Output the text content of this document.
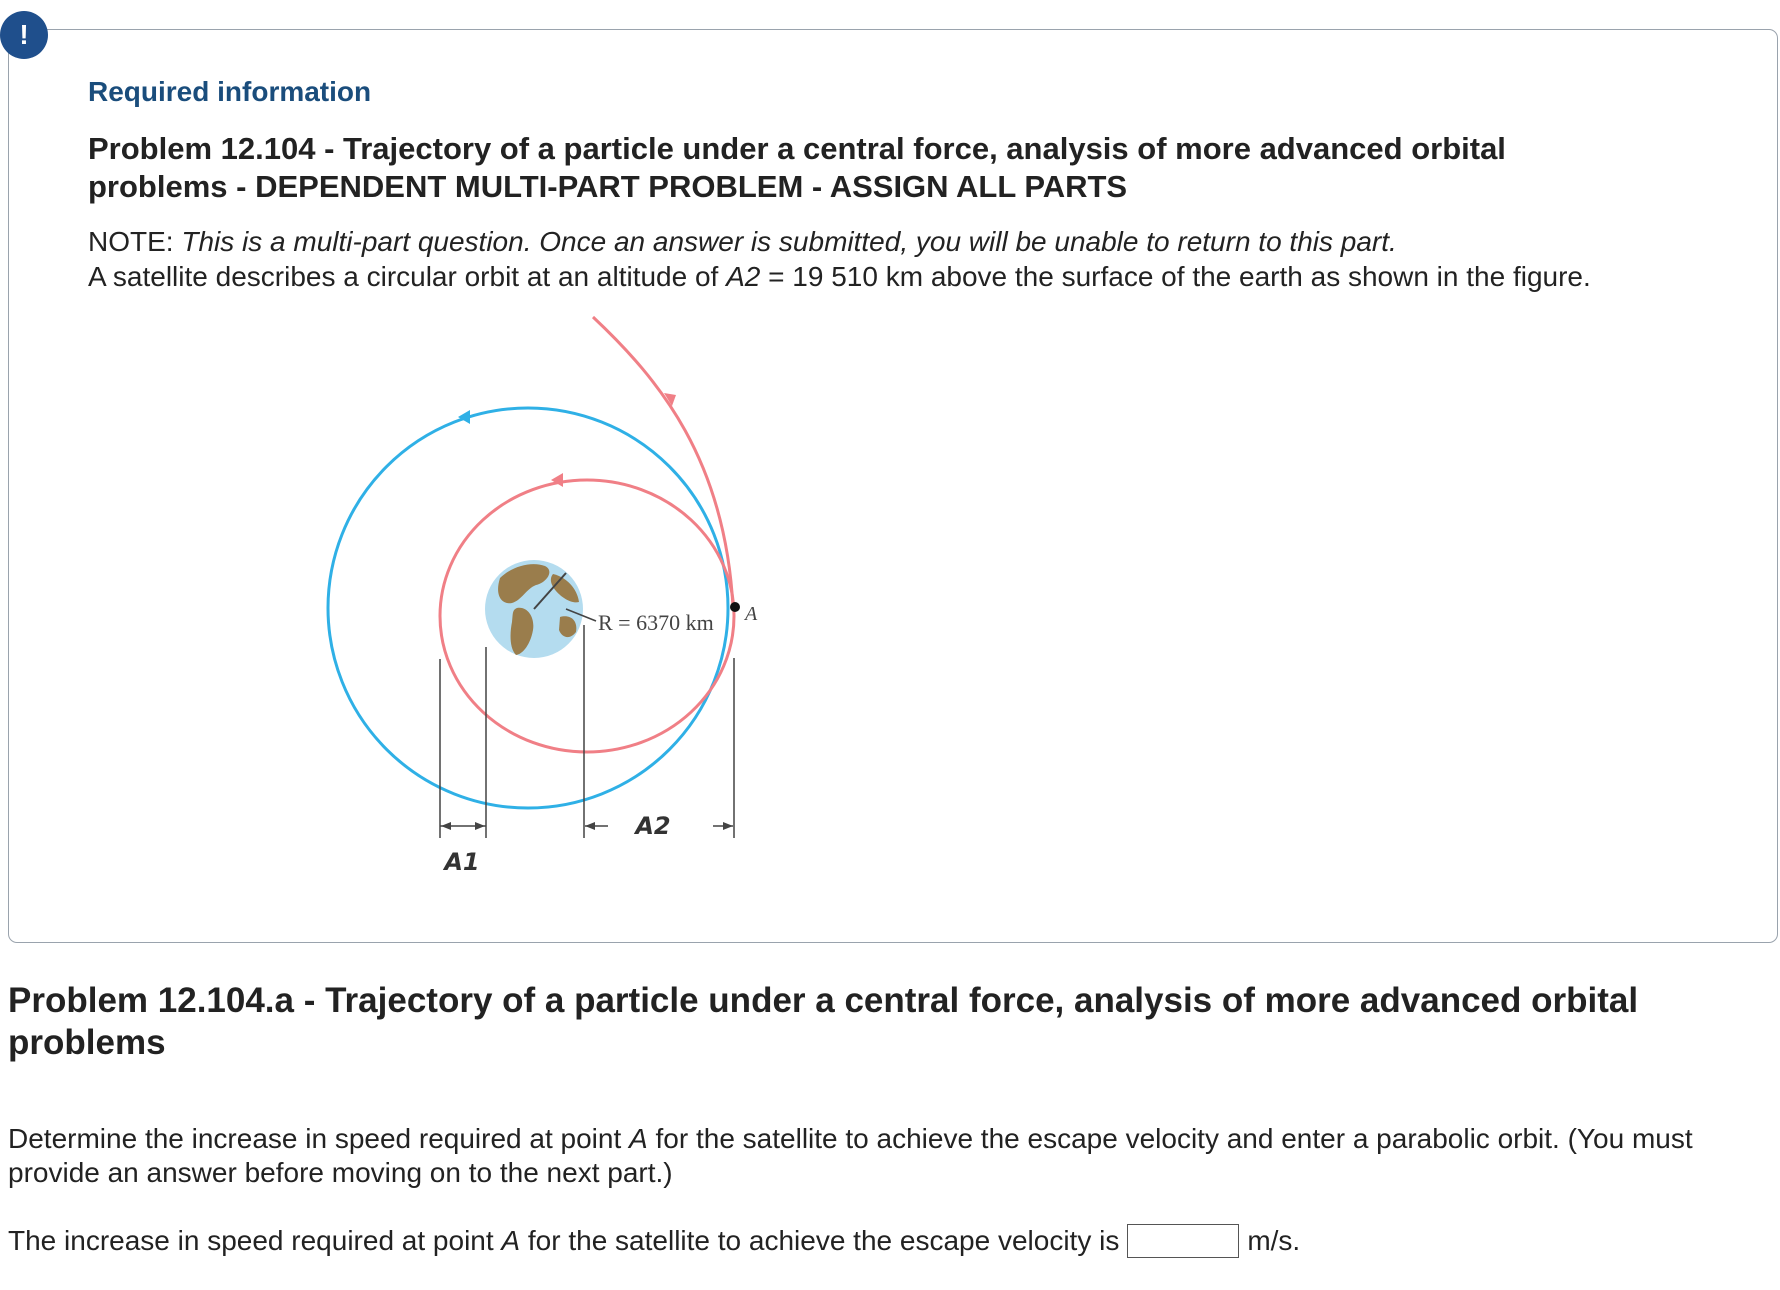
!

Required information

Problem 12.104 - Trajectory of a particle under a central force, analysis of more advanced orbital problems - DEPENDENT MULTI-PART PROBLEM - ASSIGN ALL PARTS

NOTE: This is a multi-part question. Once an answer is submitted, you will be unable to return to this part.

A satellite describes a circular orbit at an altitude of A2 = 19 510 km above the surface of the earth as shown in the figure.

R = 6370 km A
A1
A2

Problem 12.104.a - Trajectory of a particle under a central force, analysis of more advanced orbital problems

Determine the increase in speed required at point A for the satellite to achieve the escape velocity and enter a parabolic orbit. (You must provide an answer before moving on to the next part.)

The increase in speed required at point
A
for the satellite to achieve the escape velocity is	m/s.
